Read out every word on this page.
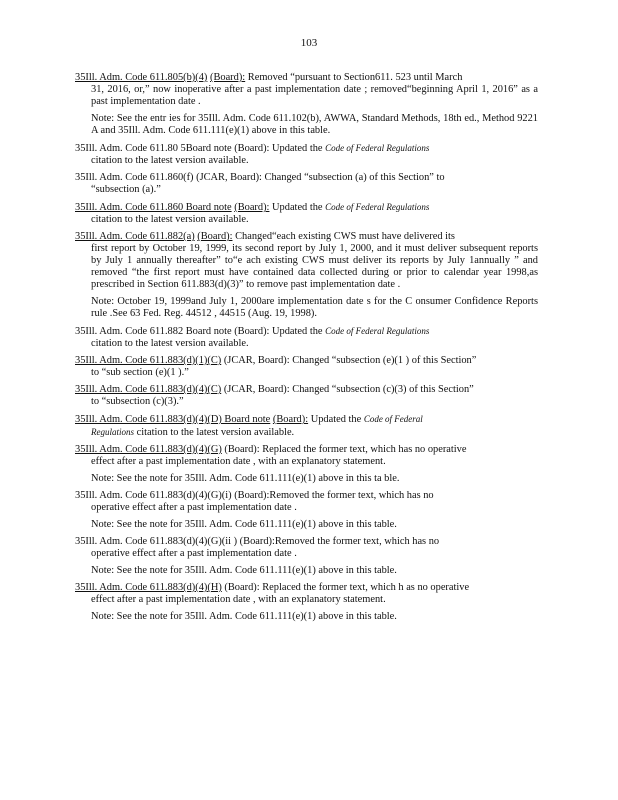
103
35Ill. Adm. Code 611.805(b)(4) (Board): Removed “pursuant to Section611. 523 until March
31, 2016, or,” now inoperative after a past implementation date ; removed“beginning April 1, 2016” as a past implementation date .
Note: See the entr ies for 35Ill. Adm. Code 611.102(b), AWWA, Standard Methods, 18th ed., Method 9221 A and 35Ill. Adm. Code 611.111(e)(1) above in this table.
35Ill. Adm. Code 611.80 5Board note (Board): Updated the Code of Federal Regulations
citation to the latest version available.
35Ill. Adm. Code 611.860(f) (JCAR, Board): Changed “subsection (a) of this Section” to
“subsection (a).”
35Ill. Adm. Code 611.860 Board note (Board): Updated the Code of Federal Regulations
citation to the latest version available.
35Ill. Adm. Code 611.882(a) (Board): Changed“each existing CWS must have delivered its
first report by October 19, 1999, its second report by July 1, 2000, and it must deliver subsequent reports by July 1 annually thereafter” to“e ach existing CWS must deliver its reports by July 1annually ” and removed “the first report must have contained data collected during or prior to calendar year 1998,as prescribed in Section 611.883(d)(3)” to remove past implementation date .
Note: October 19, 1999and July 1, 2000are implementation date s for the C onsumer Confidence Reports rule .See 63 Fed. Reg. 44512 , 44515 (Aug. 19, 1998).
35Ill. Adm. Code 611.882 Board note (Board): Updated the Code of Federal Regulations
citation to the latest version available.
35Ill. Adm. Code 611.883(d)(1)(C) (JCAR, Board): Changed “subsection (e)(1 ) of this Section”
to “sub section (e)(1 ).”
35Ill. Adm. Code 611.883(d)(4)(C) (JCAR, Board): Changed “subsection (c)(3) of this Section”
to “subsection (c)(3).”
35Ill. Adm. Code 611.883(d)(4)(D) Board note (Board): Updated the Code of Federal
Regulations citation to the latest version available.
35Ill. Adm. Code 611.883(d)(4)(G) (Board): Replaced the former text, which has no operative
effect after a past implementation date , with an explanatory statement.
Note: See the note for 35Ill. Adm. Code 611.111(e)(1) above in this ta ble.
35Ill. Adm. Code 611.883(d)(4)(G)(i) (Board):Removed the former text, which has no
operative effect after a past implementation date .
Note: See the note for 35Ill. Adm. Code 611.111(e)(1) above in this table.
35Ill. Adm. Code 611.883(d)(4)(G)(ii ) (Board):Removed the former text, which has no
operative effect after a past implementation date .
Note: See the note for 35Ill. Adm. Code 611.111(e)(1) above in this table.
35Ill. Adm. Code 611.883(d)(4)(H) (Board): Replaced the former text, which h as no operative
effect after a past implementation date , with an explanatory statement.
Note: See the note for 35Ill. Adm. Code 611.111(e)(1) above in this table.
